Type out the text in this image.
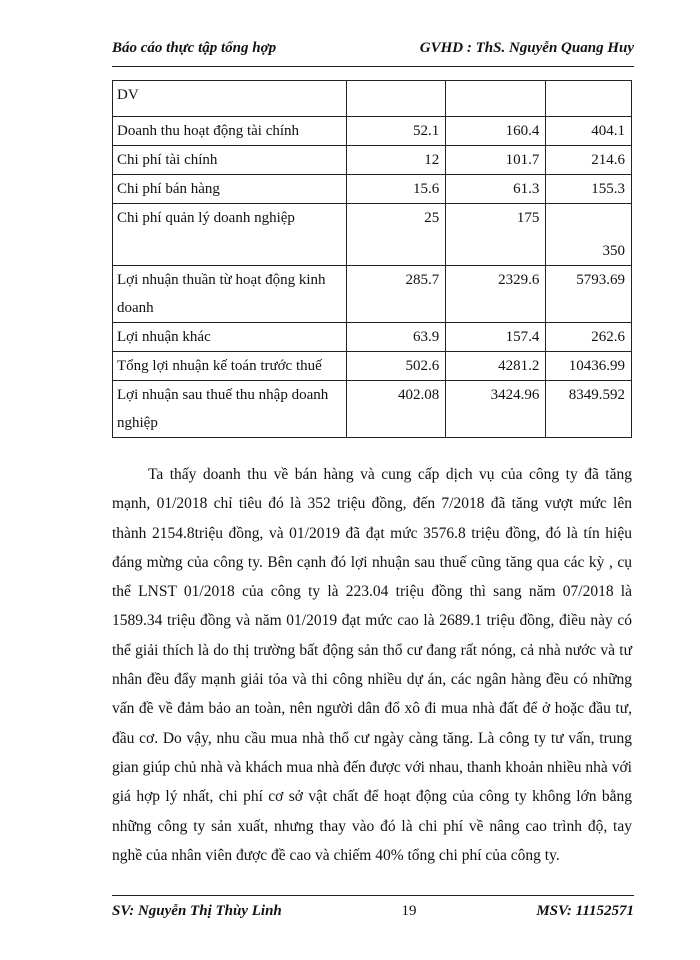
Báo cáo thực tập tổng hợp	GVHD : ThS. Nguyễn Quang Huy
DV			
Doanh thu hoạt động tài chính	52.1	160.4	404.1
Chi phí tài chính	12	101.7	214.6
Chi phí bán hàng	15.6	61.3	155.3
Chi phí quản lý doanh nghiệp	25	175	350
Lợi nhuận thuần từ hoạt động kinh doanh	285.7	2329.6	5793.69
Lợi nhuận khác	63.9	157.4	262.6
Tổng lợi nhuận kế toán trước thuế	502.6	4281.2	10436.99
Lợi nhuận sau thuế thu nhập doanh nghiệp	402.08	3424.96	8349.592

Ta thấy doanh thu về bán hàng và cung cấp dịch vụ của công ty đã tăng mạnh, 01/2018 chỉ tiêu đó là 352 triệu đồng, đến 7/2018 đã tăng vượt mức lên thành 2154.8triệu đồng, và 01/2019 đã đạt mức 3576.8 triệu đồng, đó là tín hiệu đáng mừng của công ty. Bên cạnh đó lợi nhuận sau thuế cũng tăng qua các kỳ , cụ thể LNST 01/2018 của công ty là 223.04 triệu đồng thì sang năm 07/2018 là 1589.34 triệu đồng và năm 01/2019 đạt mức cao là 2689.1 triệu đồng, điều này có thể giải thích là do thị trường bất động sản thổ cư đang rất nóng, cả nhà nước và tư nhân đều đẩy mạnh giải tỏa và thi công nhiều dự án, các ngân hàng đều có những vấn đề về đảm bảo an toàn, nên người dân đổ xô đi mua nhà đất để ở hoặc đầu tư, đầu cơ. Do vậy, nhu cầu mua nhà thổ cư ngày càng tăng. Là công ty tư vấn, trung gian giúp chủ nhà và khách mua nhà đến được với nhau, thanh khoản nhiều nhà với giá hợp lý nhất, chi phí cơ sở vật chất để hoạt động của công ty không lớn bằng những công ty sản xuất, nhưng thay vào đó là chi phí về nâng cao trình độ, tay nghề của nhân viên được đề cao và chiếm 40% tổng chi phí của công ty.

SV: Nguyễn Thị Thùy Linh	19	MSV: 11152571
